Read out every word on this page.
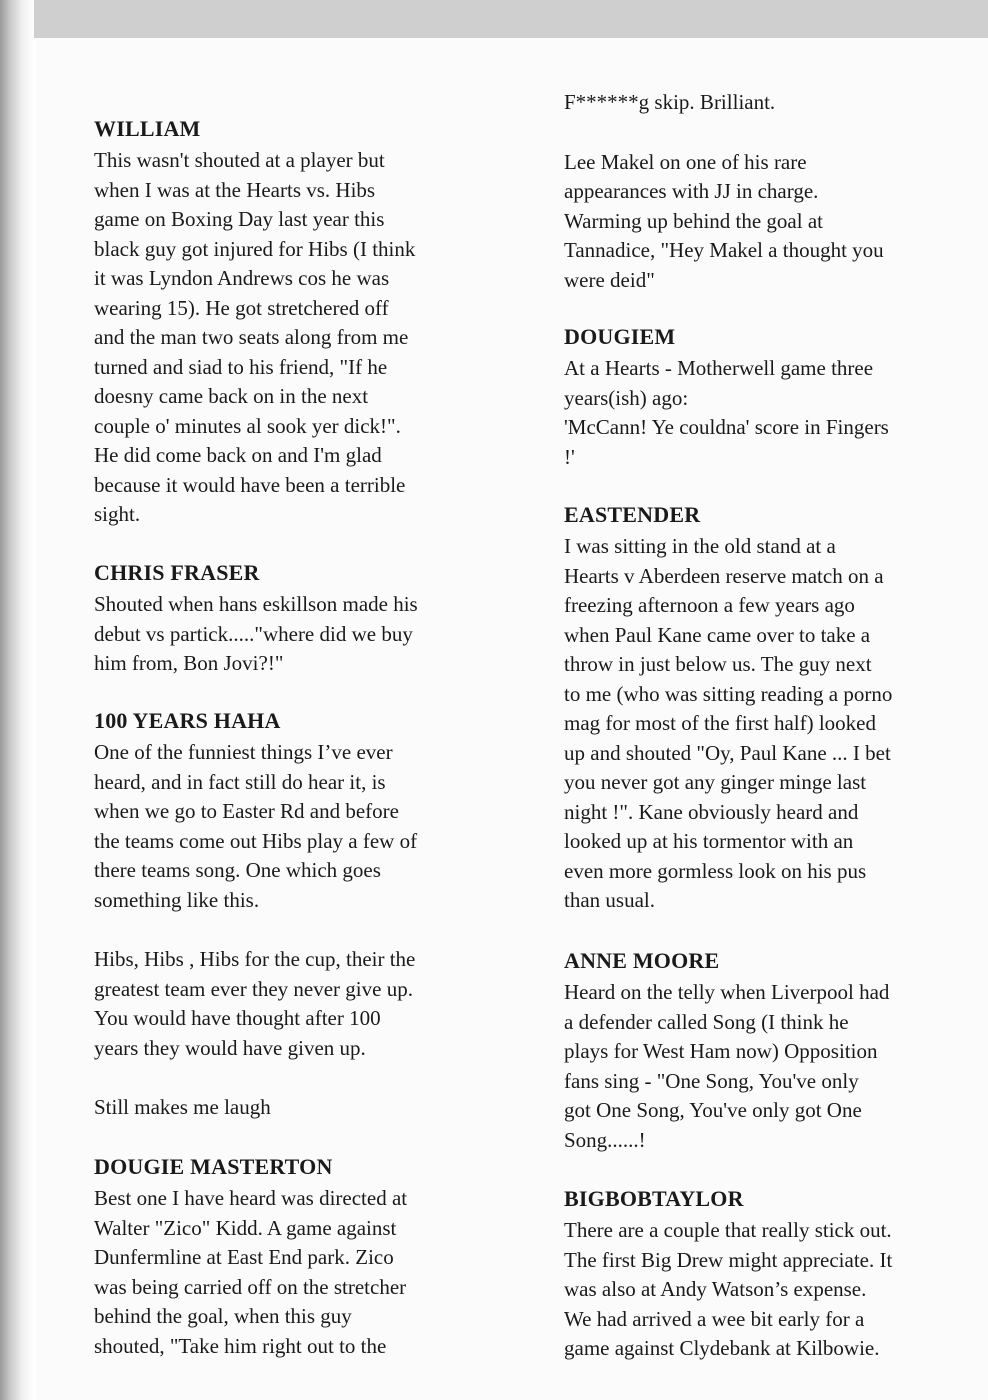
WILLIAM

This wasn't shouted at a player but
when I was at the Hearts vs. Hibs
game on Boxing Day last year this
black guy got injured for Hibs (I think
it was Lyndon Andrews cos he was
wearing 15). He got stretchered off
and the man two seats along from me
turned and siad to his friend, "If he
doesny came back on in the next
couple o' minutes al sook yer dick!".
He did come back on and I'm glad
because it would have been a terrible
sight.

CHRIS FRASER

Shouted when hans eskillson made his
debut vs partick....."where did we buy
him from, Bon Jovi?!"

100 YEARS HAHA

One of the funniest things I’ve ever
heard, and in fact still do hear it, is
when we go to Easter Rd and before
the teams come out Hibs play a few of
there teams song. One which goes
something like this.

Hibs, Hibs , Hibs for the cup, their the
greatest team ever they never give up.
You would have thought after 100
years they would have given up.

Still makes me laugh

DOUGIE MASTERTON

Best one I have heard was directed at
Walter "Zico" Kidd. A game against
Dunfermline at East End park. Zico
was being carried off on the stretcher
behind the goal, when this guy
shouted, "Take him right out to the

F******g skip. Brilliant.

Lee Makel on one of his rare
appearances with JJ in charge.
Warming up behind the goal at
Tannadice, "Hey Makel a thought you
were deid"

DOUGIEM

At a Hearts - Motherwell game three
years(ish) ago:
'McCann! Ye couldna' score in Fingers
!'

EASTENDER

I was sitting in the old stand at a
Hearts v Aberdeen reserve match on a
freezing afternoon a few years ago
when Paul Kane came over to take a
throw in just below us. The guy next
to me (who was sitting reading a porno
mag for most of the first half) looked
up and shouted "Oy, Paul Kane ... I bet
you never got any ginger minge last
night !". Kane obviously heard and
looked up at his tormentor with an
even more gormless look on his pus
than usual.

ANNE MOORE

Heard on the telly when Liverpool had
a defender called Song (I think he
plays for West Ham now) Opposition
fans sing - "One Song, You've only
got One Song, You've only got One
Song......!

BIGBOBTAYLOR

There are a couple that really stick out.
The first Big Drew might appreciate. It
was also at Andy Watson’s expense.
We had arrived a wee bit early for a
game against Clydebank at Kilbowie.
